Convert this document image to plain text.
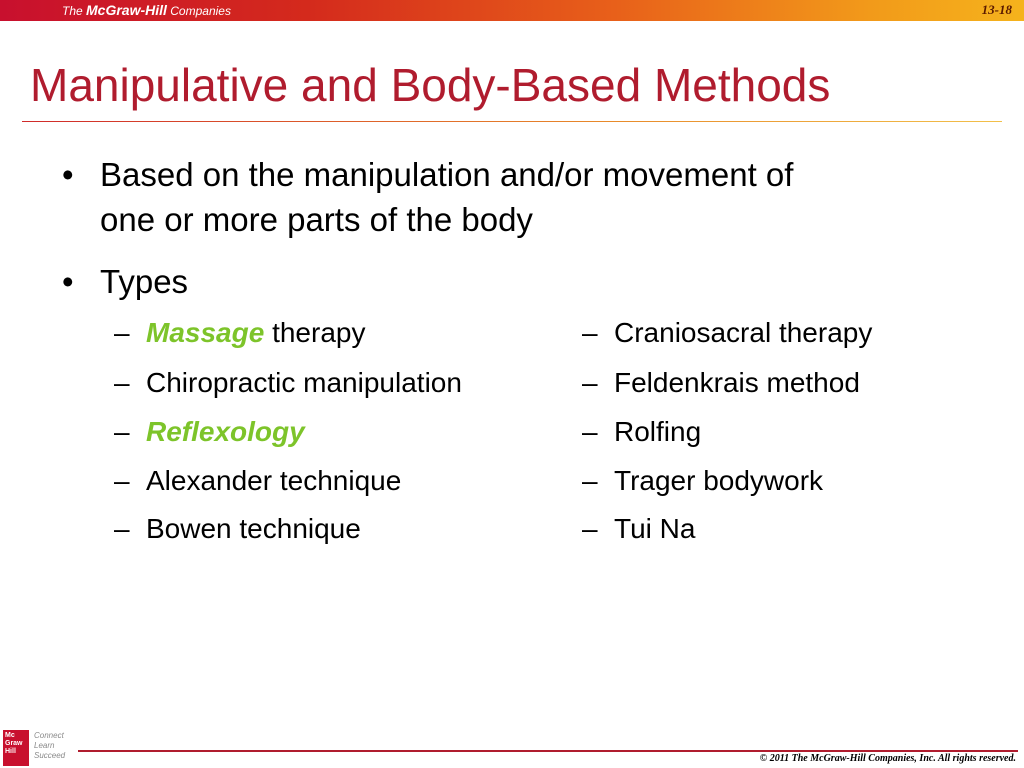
The McGraw-Hill Companies	13-18
Manipulative and Body-Based Methods
• Based on the manipulation and/or movement of
one or more parts of the body
• Types
– Massage therapy
– Chiropractic manipulation
– Reflexology
– Alexander technique
– Bowen technique
– Craniosacral therapy
– Feldenkrais method
– Rolfing
– Trager bodywork
– Tui Na
Mc
Graw
Hill
Connect
Learn
Succeed	© 2011 The McGraw-Hill Companies, Inc. All rights reserved.
